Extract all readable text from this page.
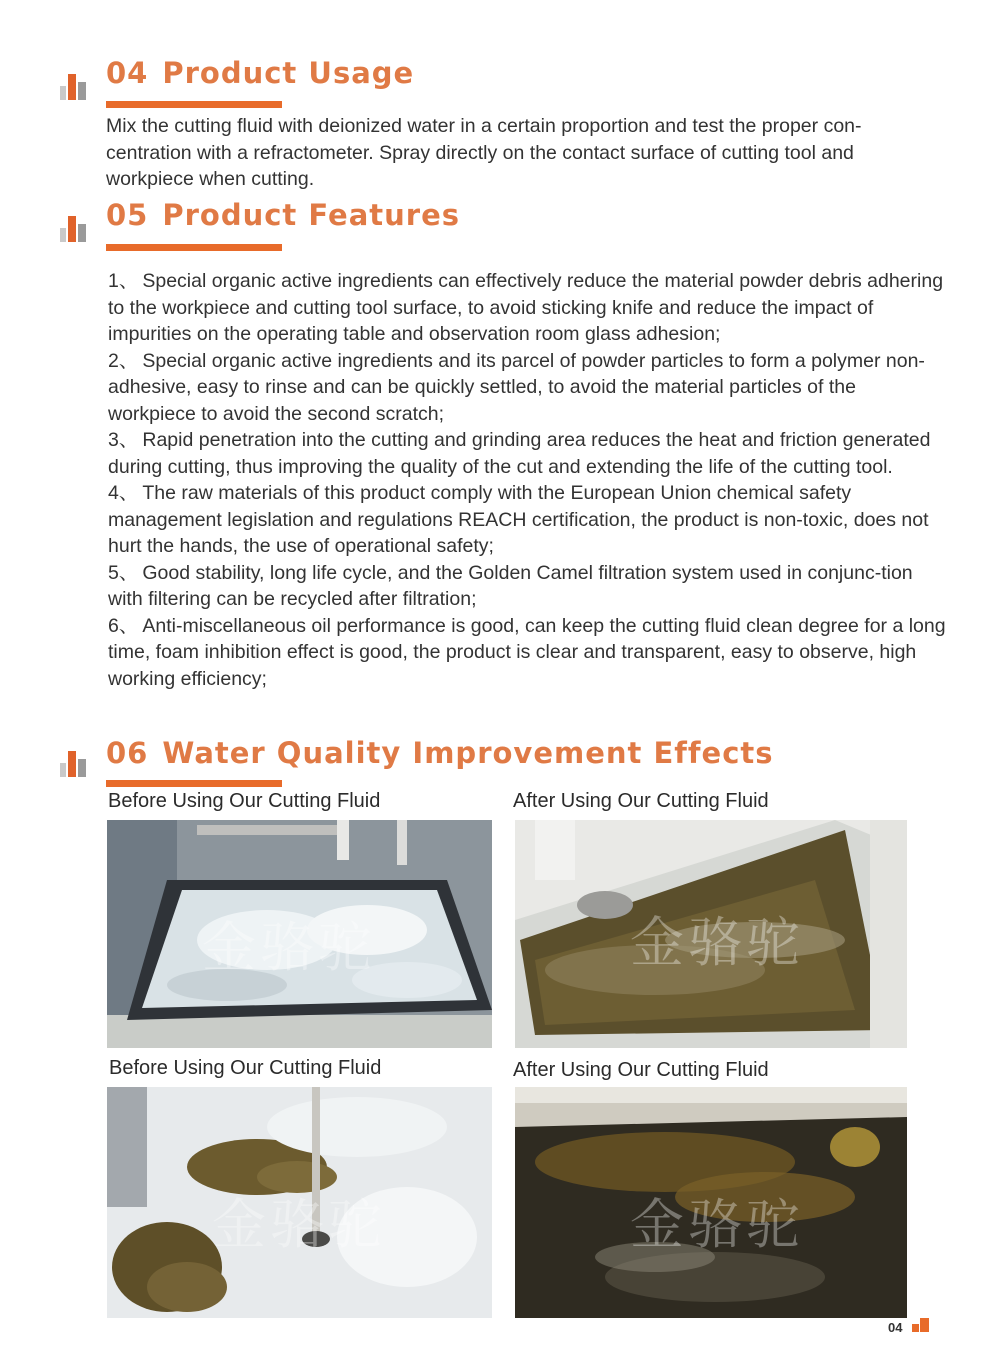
04 Product Usage
Mix the cutting fluid with deionized water in a certain proportion and test the proper con-centration with a refractometer. Spray directly on the contact surface of cutting tool and workpiece when cutting.
05 Product Features

1、 Special organic active ingredients can effectively reduce the material powder debris adhering to the workpiece and cutting tool surface, to avoid sticking knife and reduce the impact of impurities on the operating table and observation room glass adhesion;

2、 Special organic active ingredients and its parcel of powder particles to form a polymer non-adhesive, easy to rinse and can be quickly settled, to avoid the material particles of the workpiece to avoid the second scratch;

3、 Rapid penetration into the cutting and grinding area reduces the heat and friction generated during cutting, thus improving the quality of the cut and extending the life of the cutting tool.

4、 The raw materials of this product comply with the European Union chemical safety management legislation and regulations REACH certification, the product is non-toxic, does not hurt the hands, the use of operational safety;

5、 Good stability, long life cycle, and the Golden Camel filtration system used in conjunc-tion with filtering can be recycled after filtration;

6、 Anti-miscellaneous oil performance is good, can keep the cutting fluid clean degree for a long time, foam inhibition effect is good, the product is clear and transparent, easy to observe, high working efficiency;

06 Water Quality Improvement Effects
Before Using Our Cutting Fluid	After Using Our Cutting Fluid
Before Using Our Cutting Fluid	After Using Our Cutting Fluid
金骆驼	金骆驼
金骆驼	金骆驼
04
